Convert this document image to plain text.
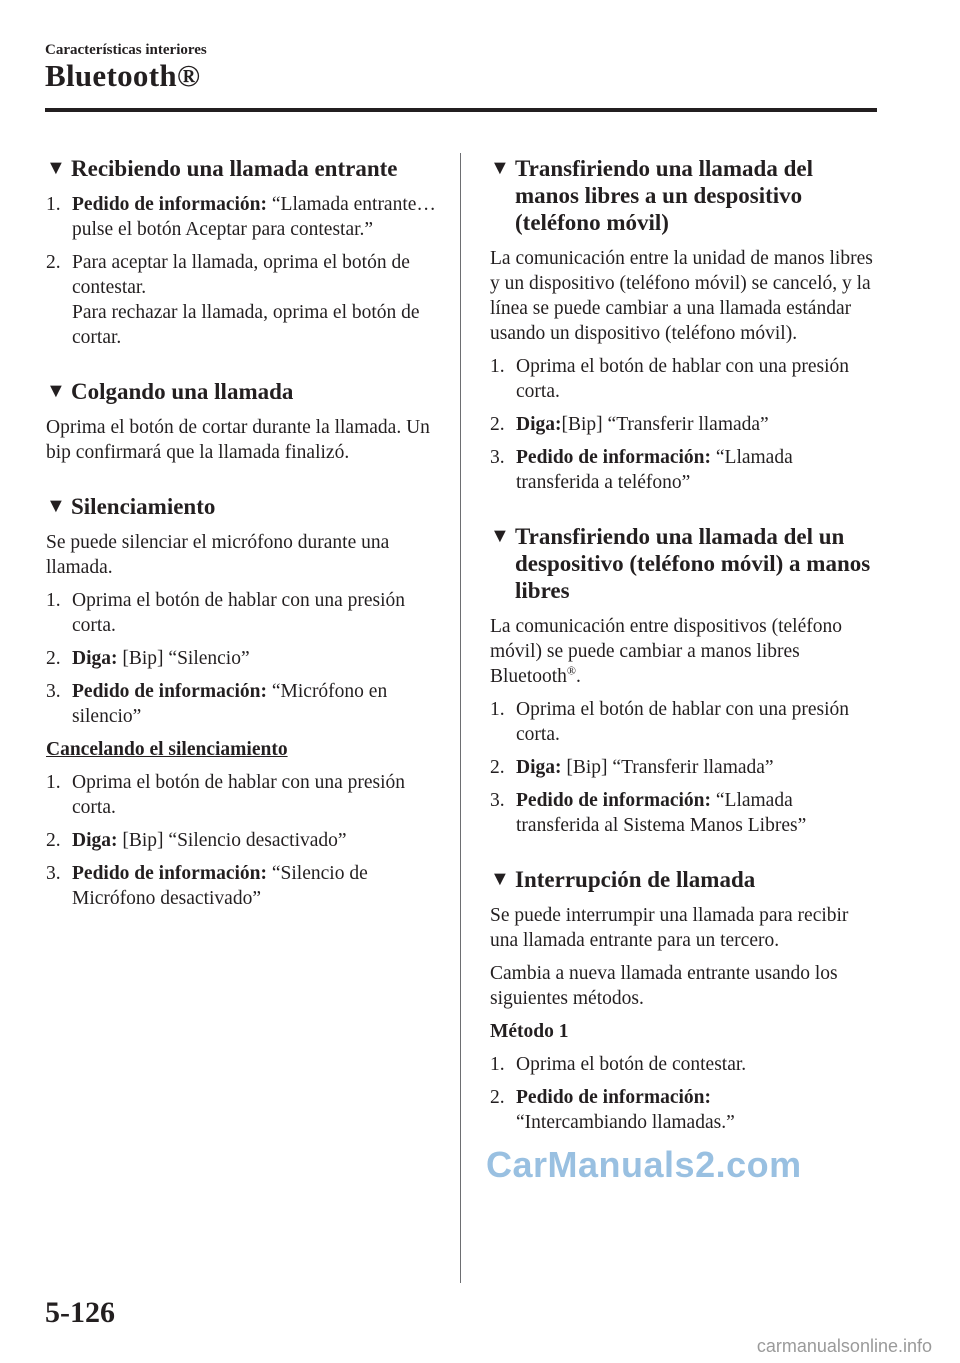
Características interiores
Bluetooth®
▼ Recibiendo una llamada entrante
1. Pedido de información: “Llamada entrante… pulse el botón Aceptar para contestar.”
2. Para aceptar la llamada, oprima el botón de contestar.
Para rechazar la llamada, oprima el botón de cortar.
▼ Colgando una llamada
Oprima el botón de cortar durante la llamada. Un bip confirmará que la llamada finalizó.
▼ Silenciamiento
Se puede silenciar el micrófono durante una llamada.
1. Oprima el botón de hablar con una presión corta.
2. Diga: [Bip] “Silencio”
3. Pedido de información: “Micrófono en silencio”
Cancelando el silenciamiento
1. Oprima el botón de hablar con una presión corta.
2. Diga: [Bip] “Silencio desactivado”
3. Pedido de información: “Silencio de Micrófono desactivado”
▼ Transfiriendo una llamada del manos libres a un despositivo (teléfono móvil)
La comunicación entre la unidad de manos libres y un dispositivo (teléfono móvil) se canceló, y la línea se puede cambiar a una llamada estándar usando un dispositivo (teléfono móvil).
1. Oprima el botón de hablar con una presión corta.
2. Diga:[Bip] “Transferir llamada”
3. Pedido de información: “Llamada transferida a teléfono”
▼ Transfiriendo una llamada del un despositivo (teléfono móvil) a manos libres
La comunicación entre dispositivos (teléfono móvil) se puede cambiar a manos libres Bluetooth®.
1. Oprima el botón de hablar con una presión corta.
2. Diga: [Bip] “Transferir llamada”
3. Pedido de información: “Llamada transferida al Sistema Manos Libres”
▼ Interrupción de llamada
Se puede interrumpir una llamada para recibir una llamada entrante para un tercero.
Cambia a nueva llamada entrante usando los siguientes métodos.
Método 1
1. Oprima el botón de contestar.
2. Pedido de información:
“Intercambiando llamadas.”
CarManuals2.com
5-126
carmanualsonline.info
